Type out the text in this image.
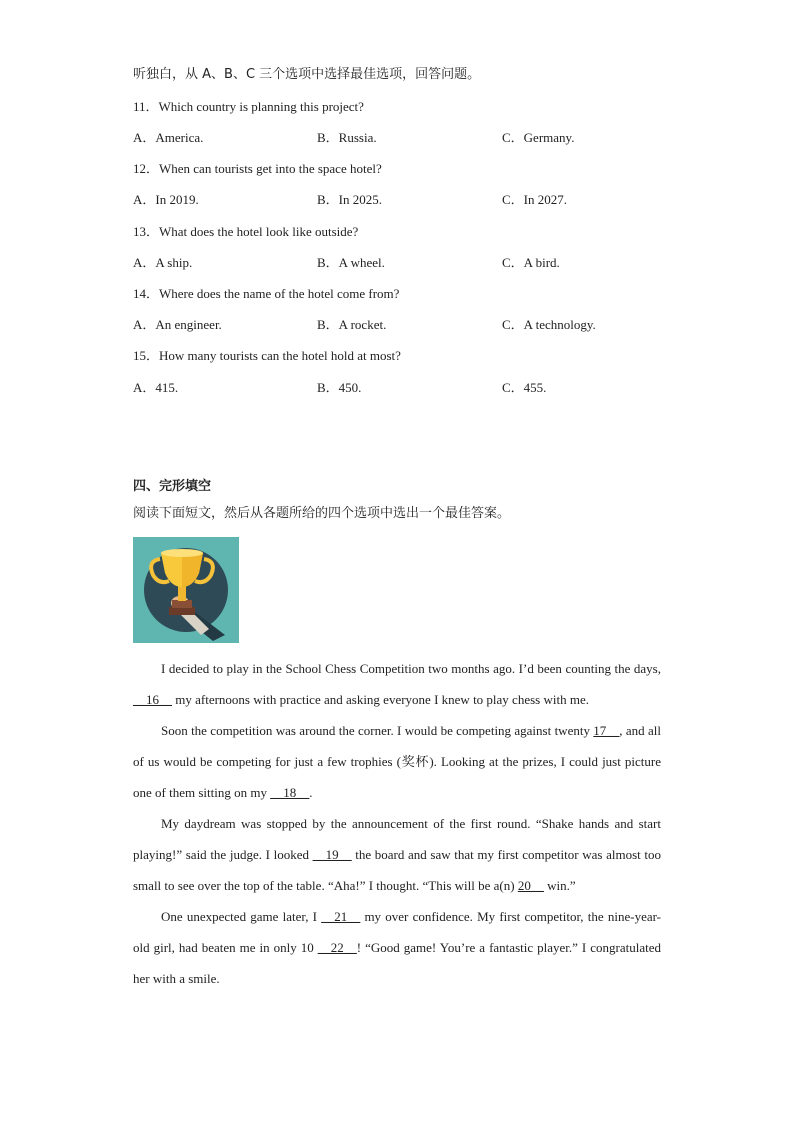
听独白，从 A、B、C 三个选项中选择最佳选项，回答问题。
11．Which country is planning this project?
A．America.	B．Russia.	C．Germany.
12．When can tourists get into the space hotel?
A．In 2019.	B．In 2025.	C．In 2027.
13．What does the hotel look like outside?
A．A ship.	B．A wheel.	C．A bird.
14．Where does the name of the hotel come from?
A．An engineer.	B．A rocket.	C．A technology.
15．How many tourists can the hotel hold at most?
A．415.	B．450.	C．455.
四、完形填空
阅读下面短文，然后从各题所给的四个选项中选出一个最佳答案。

I decided to play in the School Chess Competition two months ago. I’d been counting the days, __16__ my afternoons with practice and asking everyone I knew to play chess with me.

Soon the competition was around the corner. I would be competing against twenty 17__, and all of us would be competing for just a few trophies (奖杯). Looking at the prizes, I could just picture one of them sitting on my __18__.

My daydream was stopped by the announcement of the first round. “Shake hands and start playing!” said the judge. I looked __19__ the board and saw that my first competitor was almost too small to see over the top of the table. “Aha!” I thought. “This will be a(n) 20__ win.”

One unexpected game later, I __21__ my over confidence. My first competitor, the nine-year-old girl, had beaten me in only 10 __22__! “Good game! You’re a fantastic player.” I congratulated her with a smile.
